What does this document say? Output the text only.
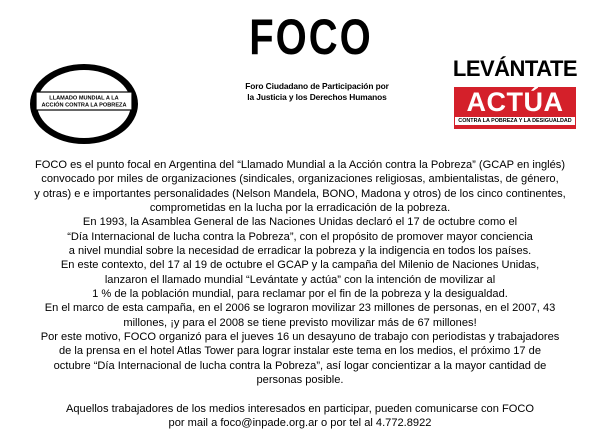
LLAMADO MUNDIAL A LA
ACCIÓN CONTRA LA POBREZA
ALIANZA POR LA IGUALDAD
FOCO
Foro Ciudadano de Participación por
la Justicia y los Derechos Humanos
LEVÁNTATE
ACTÚA
CONTRA LA POBREZA Y LA DESIGUALDAD

FOCO es el punto focal en Argentina del “Llamado Mundial a la Acción contra la Pobreza” (GCAP en inglés)

convocado por miles de organizaciones (sindicales, organizaciones religiosas, ambientalistas, de género,

y otras) e e importantes personalidades (Nelson Mandela, BONO, Madona y otros) de los cinco continentes,

comprometidas en la lucha por la erradicación de la pobreza.

En 1993, la Asamblea General de las Naciones Unidas declaró el 17 de octubre como el

“Día Internacional de lucha contra la Pobreza”, con el propósito de promover mayor conciencia

a nivel mundial sobre la necesidad de erradicar la pobreza y la indigencia en todos los países.

En este contexto, del 17 al 19 de octubre el GCAP y la campaña del Milenio de Naciones Unidas,

lanzaron el llamado mundial “Levántate y actúa” con la intención de movilizar al

1 % de la población mundial, para reclamar por el fin de la pobreza y la desigualdad.

En el marco de esta campaña, en el 2006 se lograron movilizar 23 millones de personas, en el 2007, 43

millones, ¡y para el 2008 se tiene previsto movilizar más de 67 millones!

Por este motivo, FOCO organizó para el jueves 16 un desayuno de trabajo con periodistas y trabajadores

de la prensa en el hotel Atlas Tower para lograr instalar este tema en los medios, el próximo 17 de

octubre “Día Internacional de lucha contra la Pobreza”, así logar concientizar a la mayor cantidad de

personas posible.

Aquellos trabajadores de los medios interesados en participar, pueden comunicarse con FOCO

por mail a foco@inpade.org.ar o por tel al 4.772.8922
